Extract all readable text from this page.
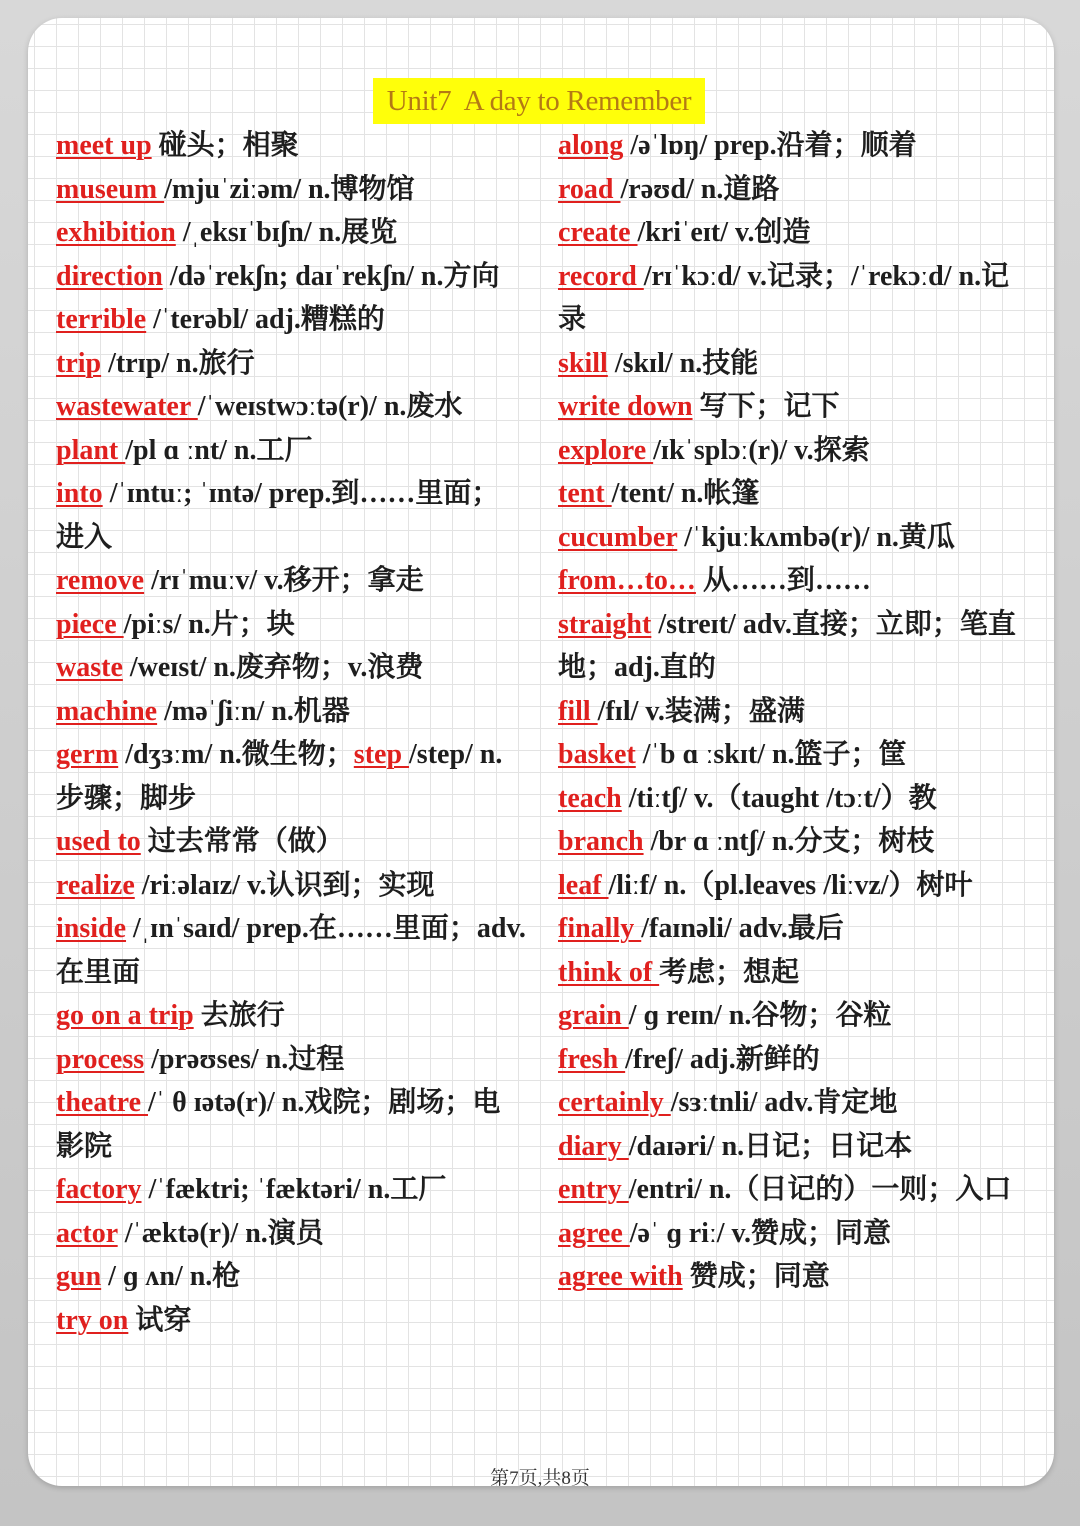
Unit7  A day to Remember
meet up 碰头；相聚
museum /mjuˈziːəm/ n.博物馆
exhibition /ˌeksɪˈbɪʃn/ n.展览
direction /dəˈrekʃn; daɪˈrekʃn/ n.方向
terrible /ˈterəbl/ adj.糟糕的
trip /trɪp/ n.旅行
wastewater /ˈweɪstwɔːtə(r)/ n.废水
plant /pl ɑ ːnt/ n.工厂
into /ˈɪntuː; ˈɪntə/ prep.到……里面；
进入
remove /rɪˈmuːv/ v.移开；拿走
piece /piːs/ n.片；块
waste /weɪst/ n.废弃物；v.浪费
machine /məˈʃiːn/ n.机器
germ /dʒɜːm/ n.微生物；step /step/ n.
步骤；脚步
used to 过去常常（做）
realize /riːəlaɪz/ v.认识到；实现
inside /ˌɪnˈsaɪd/ prep.在……里面；adv.
在里面
go on a trip 去旅行
process /prəʊses/ n.过程
theatre /ˈ θ ɪətə(r)/ n.戏院；剧场；电
影院
factory /ˈfæktri; ˈfæktəri/ n.工厂
actor /ˈæktə(r)/ n.演员
gun / ɡ ʌn/ n.枪
try on 试穿
along /əˈlɒŋ/ prep.沿着；顺着
road /rəʊd/ n.道路
create /kriˈeɪt/ v.创造
record /rɪˈkɔːd/ v.记录；/ˈrekɔːd/ n.记
录
skill /skɪl/ n.技能
write down 写下；记下
explore /ɪkˈsplɔː(r)/ v.探索
tent /tent/ n.帐篷
cucumber /ˈkjuːkʌmbə(r)/ n.黄瓜
from…to… 从……到……
straight /streɪt/ adv.直接；立即；笔直
地；adj.直的
fill /fɪl/ v.装满；盛满
basket /ˈb ɑ ːskɪt/ n.篮子；筐
teach /tiːtʃ/ v.（taught /tɔːt/）教
branch /br ɑ ːntʃ/ n.分支；树枝
leaf /liːf/ n.（pl.leaves /liːvz/）树叶
finally /faɪnəli/ adv.最后
think of 考虑；想起
grain / ɡ reɪn/ n.谷物；谷粒
fresh /freʃ/ adj.新鲜的
certainly /sɜːtnli/ adv.肯定地
diary /daɪəri/ n.日记；日记本
entry /entri/ n.（日记的）一则；入口
agree /əˈ ɡ riː/ v.赞成；同意
agree with 赞成；同意
第7页,共8页
